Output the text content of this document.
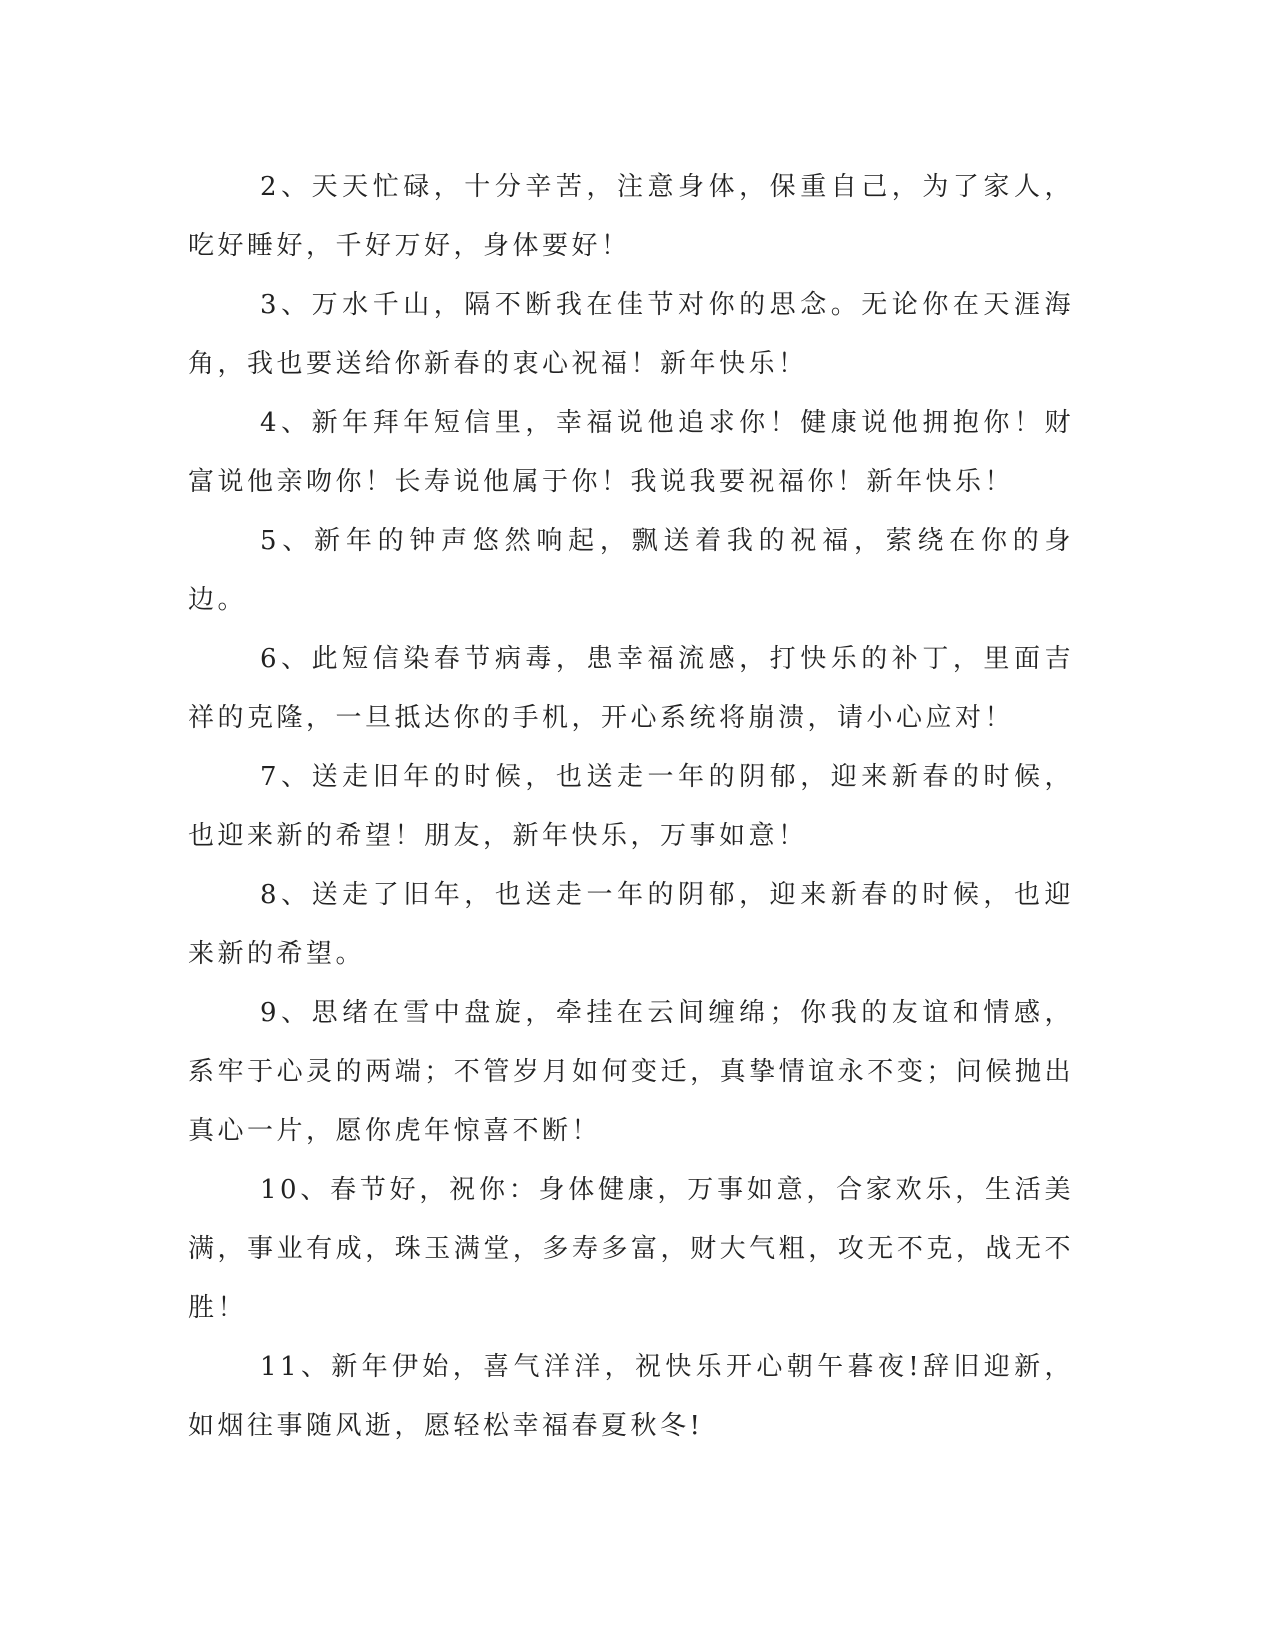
2、天天忙碌，十分辛苦，注意身体，保重自己，为了家人，吃好睡好，千好万好，身体要好！

3、万水千山，隔不断我在佳节对你的思念。无论你在天涯海角，我也要送给你新春的衷心祝福！新年快乐！

4、新年拜年短信里，幸福说他追求你！健康说他拥抱你！财富说他亲吻你！长寿说他属于你！我说我要祝福你！新年快乐！

5、新年的钟声悠然响起，飘送着我的祝福，萦绕在你的身边。

6、此短信染春节病毒，患幸福流感，打快乐的补丁，里面吉祥的克隆，一旦抵达你的手机，开心系统将崩溃，请小心应对！

7、送走旧年的时候，也送走一年的阴郁，迎来新春的时候，也迎来新的希望！朋友，新年快乐，万事如意！

8、送走了旧年，也送走一年的阴郁，迎来新春的时候，也迎来新的希望。

9、思绪在雪中盘旋，牵挂在云间缠绵；你我的友谊和情感，系牢于心灵的两端；不管岁月如何变迁，真挚情谊永不变；问候抛出真心一片，愿你虎年惊喜不断！

10、春节好，祝你：身体健康，万事如意，合家欢乐，生活美满，事业有成，珠玉满堂，多寿多富，财大气粗，攻无不克，战无不胜！

11、新年伊始，喜气洋洋，祝快乐开心朝午暮夜!辞旧迎新，如烟往事随风逝，愿轻松幸福春夏秋冬!
